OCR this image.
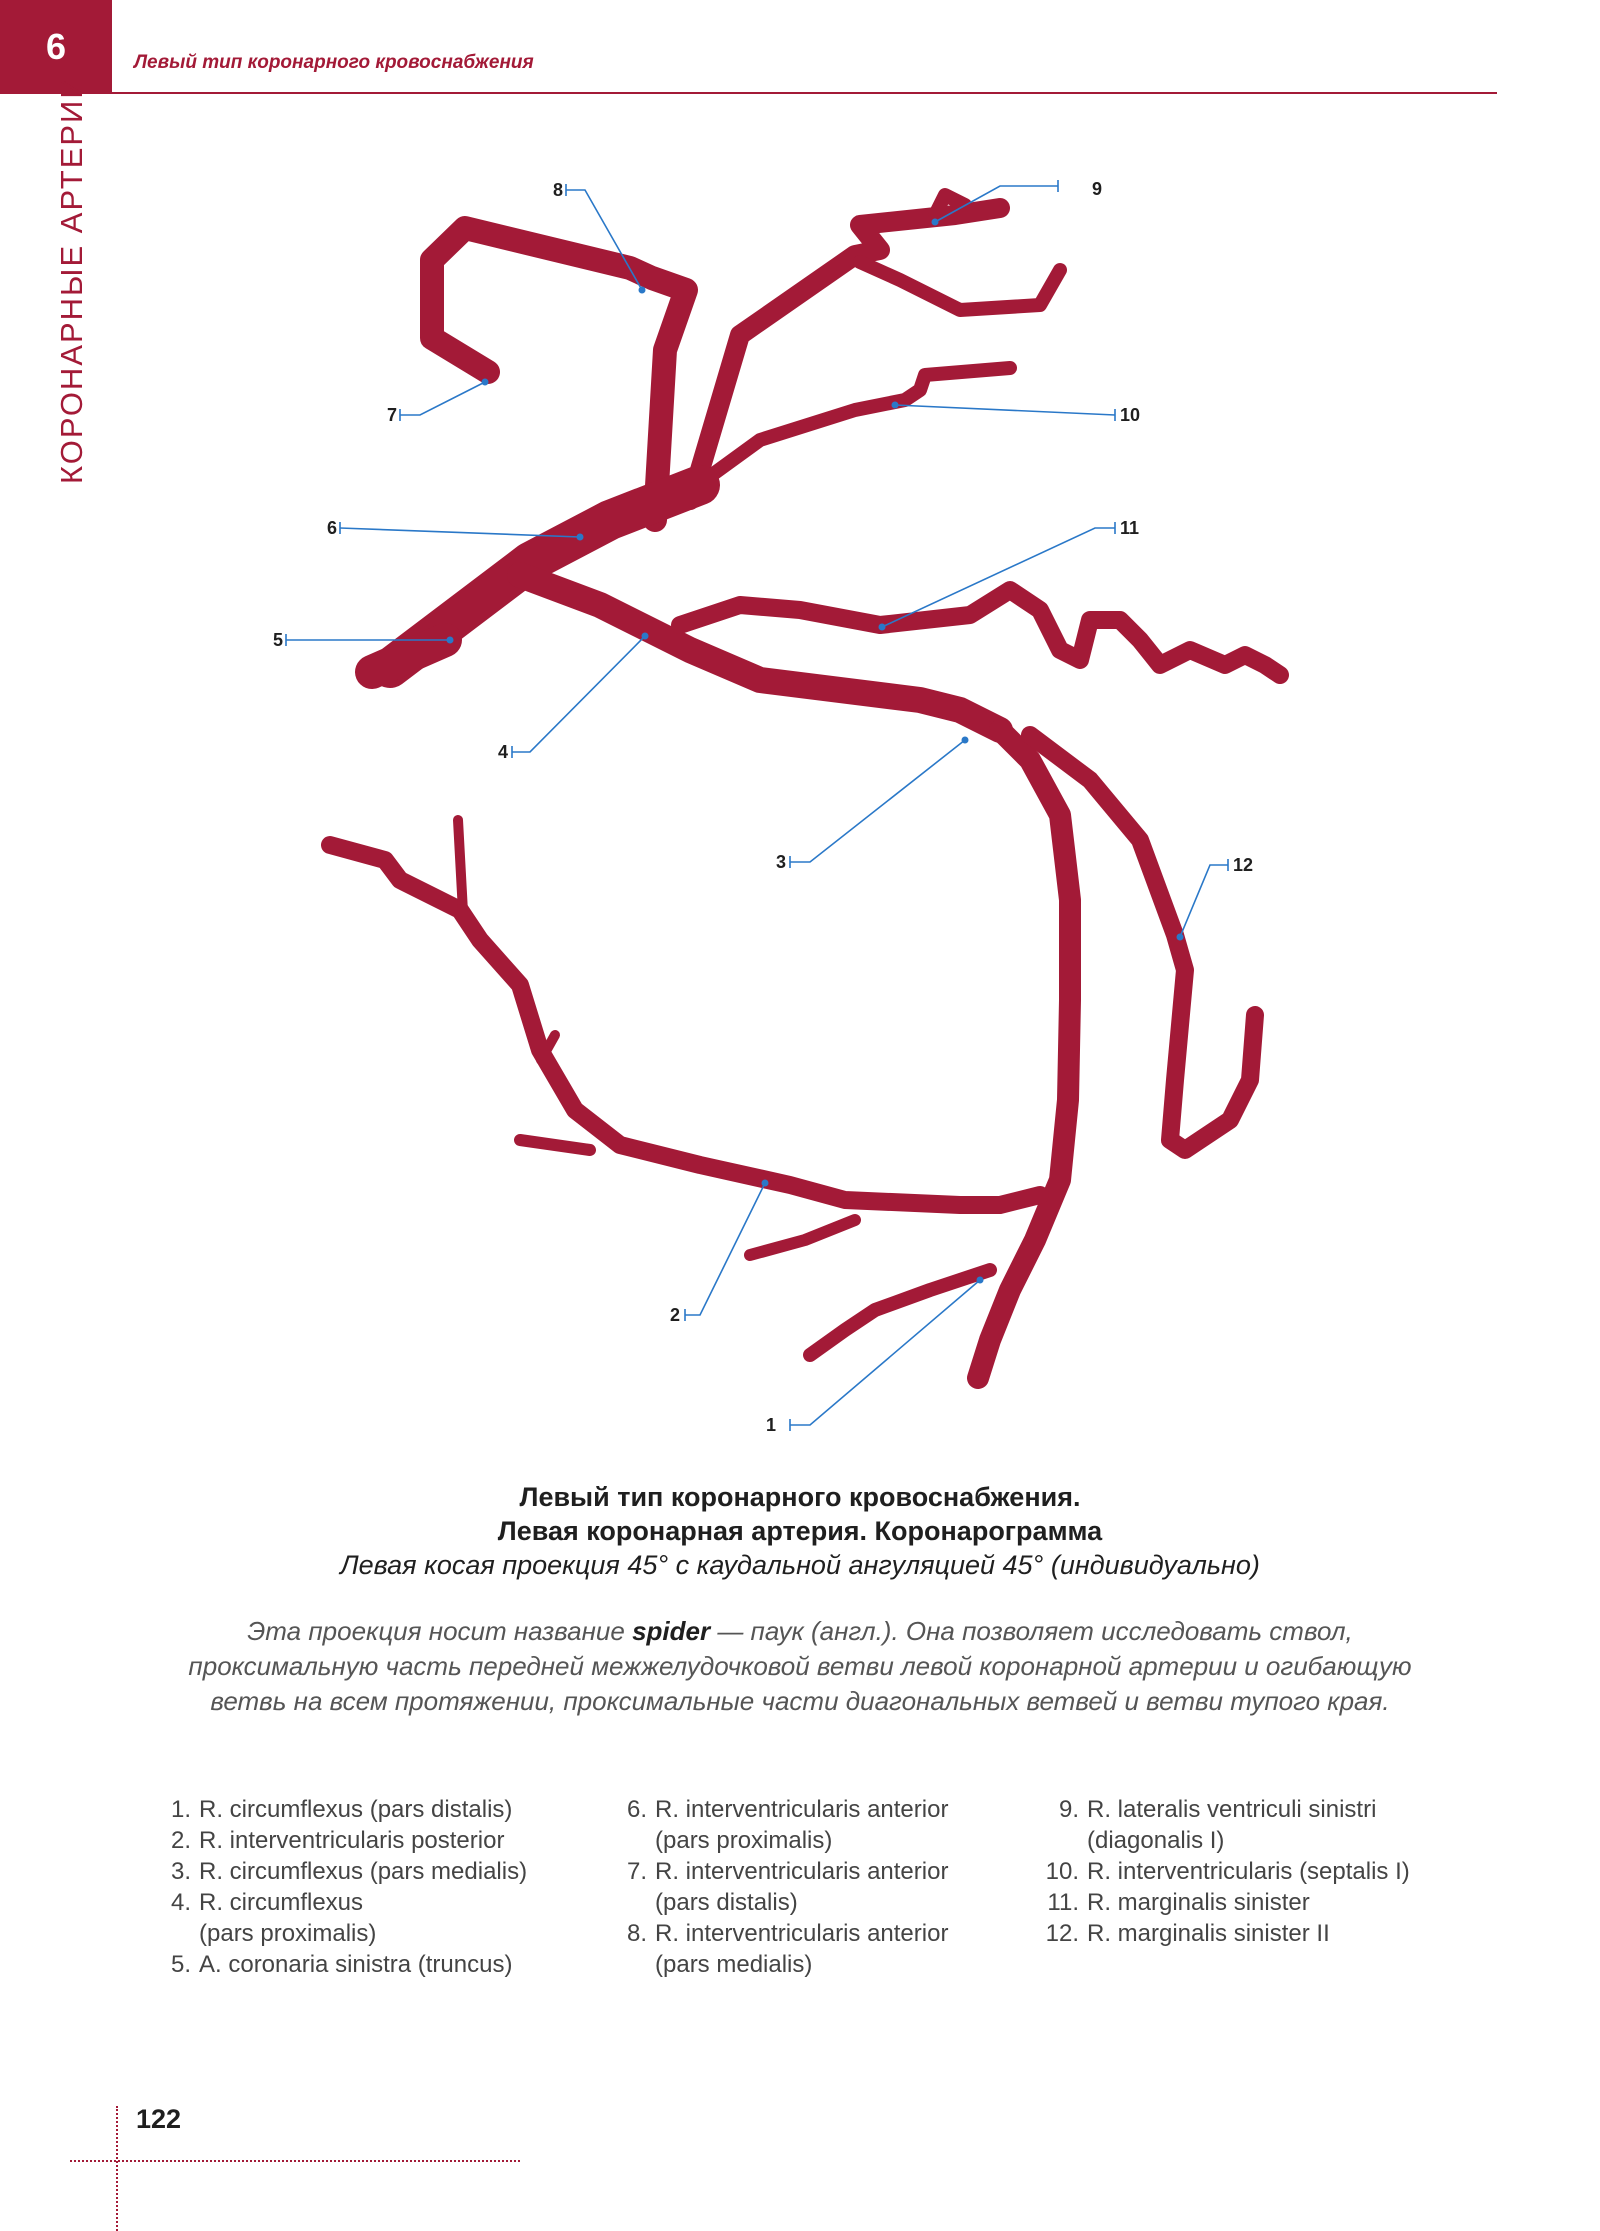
6	Левый тип коронарного кровоснабжения
КОРОНАРНЫЕ АРТЕРИИ
1
2
3
4
5
6
7
8	9
10
11
12
Левый тип коронарного кровоснабжения.
Левая коронарная артерия. Коронарограмма
Левая косая проекция 45° с каудальной ангуляцией 45° (индивидуально)
Эта проекция носит название spider — паук (англ.). Она позволяет исследовать ствол, проксимальную часть передней межжелудочковой ветви левой коронарной артерии и огибающую ветвь на всем протяжении, проксимальные части диагональных ветвей и ветви тупого края.
1. R. circumflexus (pars distalis)
2. R. interventricularis posterior
3. R. circumflexus (pars medialis)
4. R. circumflexus
(pars proximalis)
5. A. coronaria sinistra (truncus)
6. R. interventricularis anterior
(pars proximalis)
7. R. interventricularis anterior
(pars distalis)
8. R. interventricularis anterior
(pars medialis)
9. R. lateralis ventriculi sinistri
(diagonalis I)
10. R. interventricularis (septalis I)
11. R. marginalis sinister
12. R. marginalis sinister II
122
